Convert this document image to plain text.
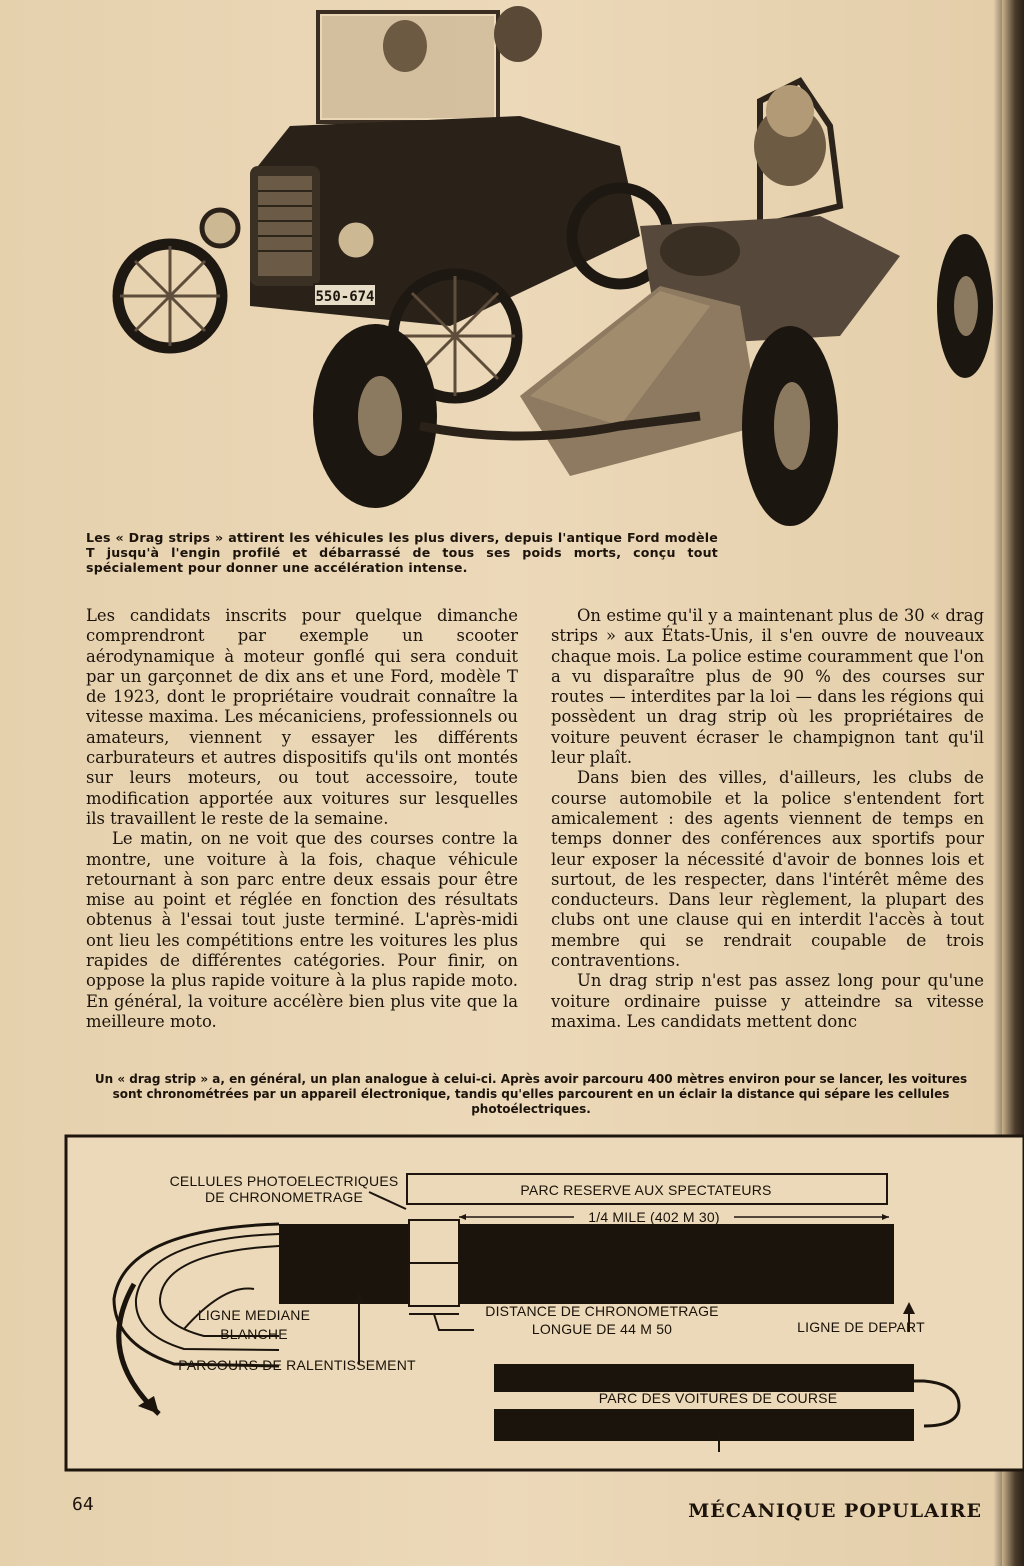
550-674
Les « Drag strips » attirent les véhicules les plus divers, depuis l'antique Ford modèle T jusqu'à l'engin profilé et débarrassé de tous ses poids morts, conçu tout spécialement pour donner une accélération intense.

Les candidats inscrits pour quelque dimanche comprendront par exemple un scooter aérodynamique à moteur gonflé qui sera conduit par un garçonnet de dix ans et une Ford, modèle T de 1923, dont le propriétaire voudrait connaître la vitesse maxima. Les mécaniciens, professionnels ou amateurs, viennent y essayer les différents carburateurs et autres dispositifs qu'ils ont montés sur leurs moteurs, ou tout accessoire, toute modification apportée aux voitures sur lesquelles ils travaillent le reste de la semaine.

Le matin, on ne voit que des courses contre la montre, une voiture à la fois, chaque véhicule retournant à son parc entre deux essais pour être mise au point et réglée en fonction des résultats obtenus à l'essai tout juste terminé. L'après-midi ont lieu les compétitions entre les voitures les plus rapides de différentes catégories. Pour finir, on oppose la plus rapide voiture à la plus rapide moto. En général, la voiture accélère bien plus vite que la meilleure moto.

On estime qu'il y a maintenant plus de 30 « drag strips » aux États-Unis, il s'en ouvre de nouveaux chaque mois. La police estime couramment que l'on a vu disparaître plus de 90 % des courses sur routes — interdites par la loi — dans les régions qui possèdent un drag strip où les propriétaires de voiture peuvent écraser le champignon tant qu'il leur plaît.

Dans bien des villes, d'ailleurs, les clubs de course automobile et la police s'entendent fort amicalement : des agents viennent de temps en temps donner des conférences aux sportifs pour leur exposer la nécessité d'avoir de bonnes lois et surtout, de les respecter, dans l'intérêt même des conducteurs. Dans leur règlement, la plupart des clubs ont une clause qui en interdit l'accès à tout membre qui se rendrait coupable de trois contraventions.

Un drag strip n'est pas assez long pour qu'une voiture ordinaire puisse y atteindre sa vitesse maxima. Les candidats mettent donc

Un « drag strip » a, en général, un plan analogue à celui-ci. Après avoir parcouru 400 mètres environ pour se lancer, les voitures sont chronométrées par un appareil électronique, tandis qu'elles parcourent en un éclair la distance qui sépare les cellules photoélectriques.
CELLULES PHOTOELECTRIQUES
DE CHRONOMETRAGE	PARC RESERVE AUX SPECTATEURS
1/4 MILE (402 M 30)
LIGNE MEDIANE
BLANCHE
DISTANCE DE CHRONOMETRAGE
LONGUE DE 44 M 50	LIGNE DE DEPART
PARCOURS DE RALENTISSEMENT
PARC DES VOITURES DE COURSE
64	MÉCANIQUE POPULAIRE
